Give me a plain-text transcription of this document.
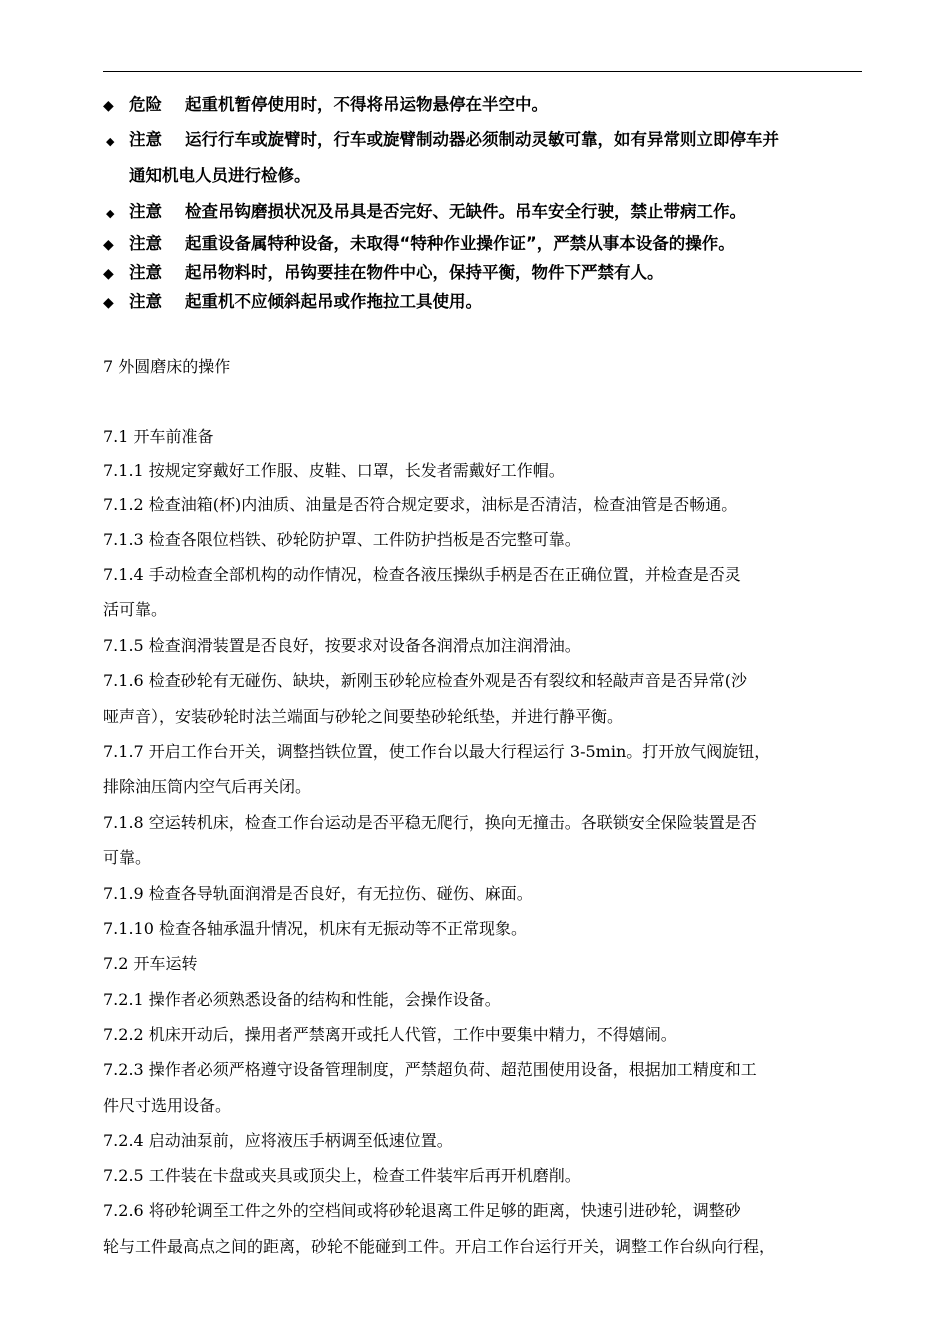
◆ 危险 起重机暂停使用时，不得将吊运物悬停在半空中。
◆ 注意 运行行车或旋臂时，行车或旋臂制动器必须制动灵敏可靠，如有异常则立即停车并
通知机电人员进行检修。
◆ 注意 检查吊钩磨损状况及吊具是否完好、无缺件。吊车安全行驶，禁止带病工作。
◆ 注意 起重设备属特种设备，未取得“特种作业操作证”，严禁从事本设备的操作。
◆ 注意 起吊物料时，吊钩要挂在物件中心，保持平衡，物件下严禁有人。
◆ 注意 起重机不应倾斜起吊或作拖拉工具使用。
7 外圆磨床的操作
7.1 开车前准备
7.1.1 按规定穿戴好工作服、皮鞋、口罩，长发者需戴好工作帽。
7.1.2 检查油箱(杯)内油质、油量是否符合规定要求，油标是否清洁，检查油管是否畅通。
7.1.3 检查各限位档铁、砂轮防护罩、工件防护挡板是否完整可靠。
7.1.4 手动检查全部机构的动作情况，检查各液压操纵手柄是否在正确位置，并检查是否灵
活可靠。
7.1.5 检查润滑装置是否良好，按要求对设备各润滑点加注润滑油。
7.1.6 检查砂轮有无碰伤、缺块，新刚玉砂轮应检查外观是否有裂纹和轻敲声音是否异常(沙
哑声音），安装砂轮时法兰端面与砂轮之间要垫砂轮纸垫，并进行静平衡。
7.1.7 开启工作台开关，调整挡铁位置，使工作台以最大行程运行 3-5min。打开放气阀旋钮，
排除油压筒内空气后再关闭。
7.1.8 空运转机床，检查工作台运动是否平稳无爬行，换向无撞击。各联锁安全保险装置是否
可靠。
7.1.9 检查各导轨面润滑是否良好，有无拉伤、碰伤、麻面。
7.1.10 检查各轴承温升情况，机床有无振动等不正常现象。
7.2 开车运转
7.2.1 操作者必须熟悉设备的结构和性能，会操作设备。
7.2.2 机床开动后，操用者严禁离开或托人代管，工作中要集中精力，不得嬉闹。
7.2.3 操作者必须严格遵守设备管理制度，严禁超负荷、超范围使用设备，根据加工精度和工
件尺寸选用设备。
7.2.4 启动油泵前，应将液压手柄调至低速位置。
7.2.5 工件装在卡盘或夹具或顶尖上，检查工件装牢后再开机磨削。
7.2.6 将砂轮调至工件之外的空档间或将砂轮退离工件足够的距离，快速引进砂轮，调整砂
轮与工件最高点之间的距离，砂轮不能碰到工件。开启工作台运行开关，调整工作台纵向行程，
